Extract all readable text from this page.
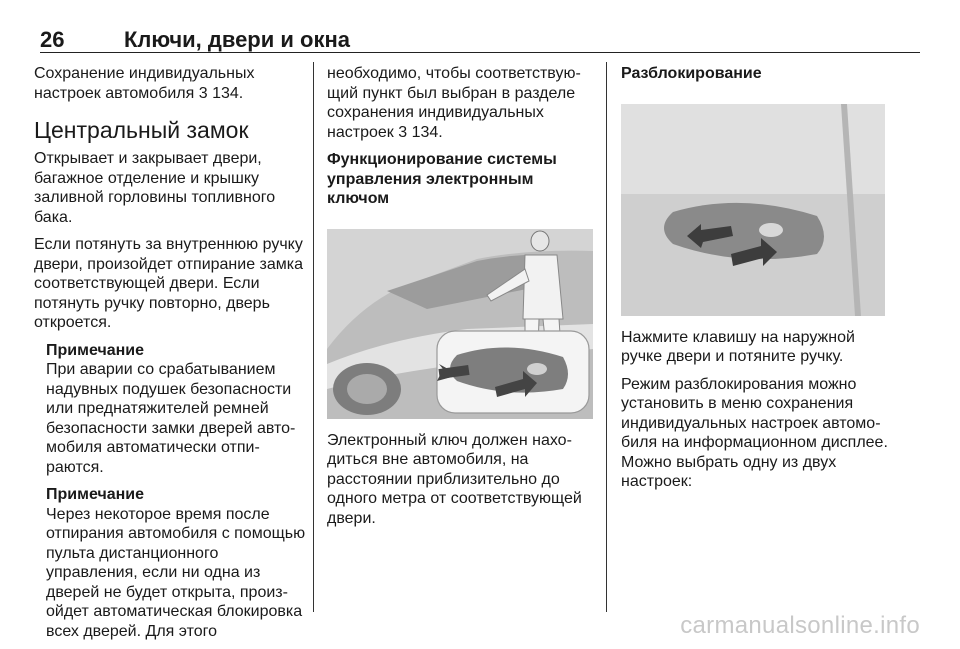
26	Ключи, двери и окна

Сохранение индивидуальных настроек автомобиля 3 134.

Центральный замок

Открывает и закрывает двери, багажное отделение и крышку заливной горловины топливного бака.

Если потянуть за внутреннюю ручку двери, произойдет отпирание замка соответствующей двери. Если потянуть ручку повторно, дверь откроется.

Примечание

При аварии со срабатыванием надувных подушек безопасности или преднатяжителей ремней безопасности замки дверей автомобиля автоматически отпираются.

Примечание

Через некоторое время после отпирания автомобиля с помощью пульта дистанционного управления, если ни одна из дверей не будет открыта, произойдет автоматическая блокировка всех дверей. Для этого

необходимо, чтобы соответствующий пункт был выбран в разделе сохранения индивидуальных настроек 3 134.

Функционирование системы управления электронным ключом

Электронный ключ должен находиться вне автомобиля, на расстоянии приблизительно до одного метра от соответствующей двери.

Разблокирование

Нажмите клавишу на наружной ручке двери и потяните ручку.

Режим разблокирования можно установить в меню сохранения индивидуальных настроек автомобиля на информационном дисплее. Можно выбрать одну из двух настроек:

carmanualsonline.info
